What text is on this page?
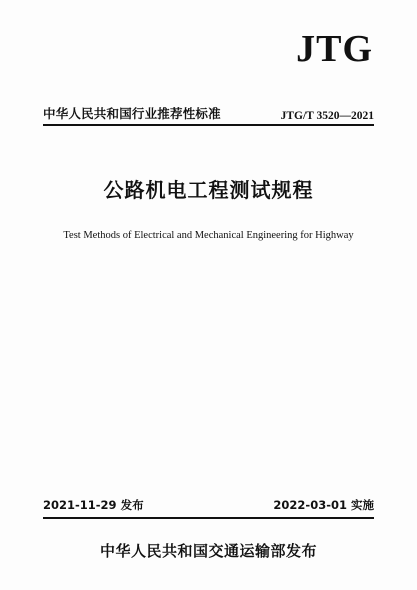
JTG
中华人民共和国行业推荐性标准	JTG/T 3520—2021
公路机电工程测试规程
Test Methods of Electrical and Mechanical Engineering for Highway
2021-11-29 发布	2022-03-01 实施
中华人民共和国交通运输部发布
